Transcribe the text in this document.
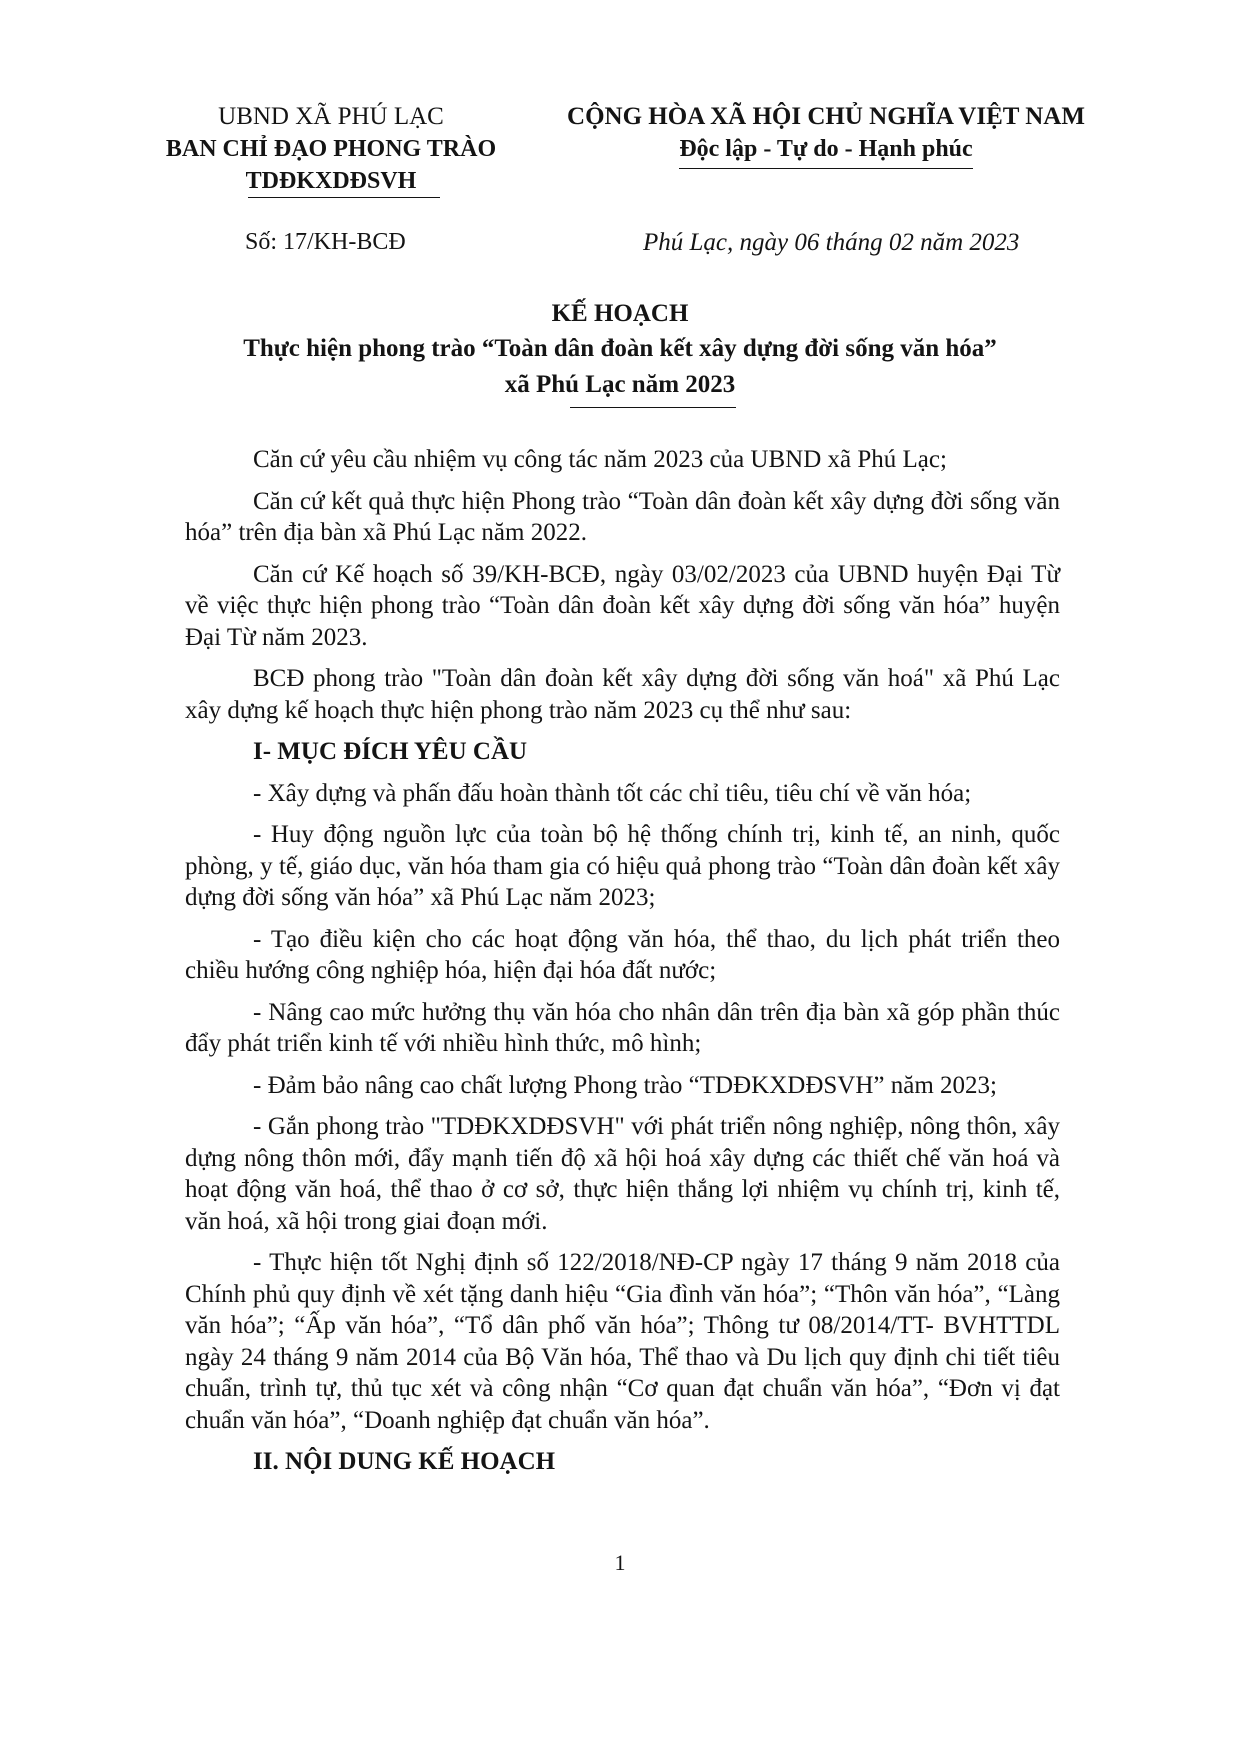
UBND XÃ PHÚ LẠC
BAN CHỈ ĐẠO PHONG TRÀO
TDĐKXDĐSVH
CỘNG HÒA XÃ HỘI CHỦ NGHĨA VIỆT NAM
Độc lập - Tự do - Hạnh phúc
Số: 17/KH-BCĐ	Phú Lạc, ngày 06 tháng 02 năm 2023
KẾ HOẠCH
Thực hiện phong trào “Toàn dân đoàn kết xây dựng đời sống văn hóa”
xã Phú Lạc năm 2023

Căn cứ yêu cầu nhiệm vụ công tác năm 2023 của UBND xã Phú Lạc;

Căn cứ kết quả thực hiện Phong trào “Toàn dân đoàn kết xây dựng đời sống văn hóa” trên địa bàn xã Phú Lạc năm 2022.

Căn cứ Kế hoạch số 39/KH-BCĐ, ngày 03/02/2023 của UBND huyện Đại Từ về việc thực hiện phong trào “Toàn dân đoàn kết xây dựng đời sống văn hóa” huyện Đại Từ năm 2023.

BCĐ phong trào "Toàn dân đoàn kết xây dựng đời sống văn hoá" xã Phú Lạc xây dựng kế hoạch thực hiện phong trào năm 2023 cụ thể như sau:

I- MỤC ĐÍCH YÊU CẦU

- Xây dựng và phấn đấu hoàn thành tốt các chỉ tiêu, tiêu chí về văn hóa;

- Huy động nguồn lực của toàn bộ hệ thống chính trị, kinh tế, an ninh, quốc phòng, y tế, giáo dục, văn hóa tham gia có hiệu quả phong trào “Toàn dân đoàn kết xây dựng đời sống văn hóa” xã Phú Lạc năm 2023;

- Tạo điều kiện cho các hoạt động văn hóa, thể thao, du lịch phát triển theo chiều hướng công nghiệp hóa, hiện đại hóa đất nước;

- Nâng cao mức hưởng thụ văn hóa cho nhân dân trên địa bàn xã góp phần thúc đẩy phát triển kinh tế với nhiều hình thức, mô hình;

- Đảm bảo nâng cao chất lượng Phong trào “TDĐKXDĐSVH” năm 2023;

- Gắn phong trào "TDĐKXDĐSVH" với phát triển nông nghiệp, nông thôn, xây dựng nông thôn mới, đẩy mạnh tiến độ xã hội hoá xây dựng các thiết chế văn hoá và hoạt động văn hoá, thể thao ở cơ sở, thực hiện thắng lợi nhiệm vụ chính trị, kinh tế, văn hoá, xã hội trong giai đoạn mới.

- Thực hiện tốt Nghị định số 122/2018/NĐ-CP ngày 17 tháng 9 năm 2018 của Chính phủ quy định về xét tặng danh hiệu “Gia đình văn hóa”; “Thôn văn hóa”, “Làng văn hóa”; “Ấp văn hóa”, “Tổ dân phố văn hóa”; Thông tư 08/2014/TT- BVHTTDL ngày 24 tháng 9 năm 2014 của Bộ Văn hóa, Thể thao và Du lịch quy định chi tiết tiêu chuẩn, trình tự, thủ tục xét và công nhận “Cơ quan đạt chuẩn văn hóa”, “Đơn vị đạt chuẩn văn hóa”, “Doanh nghiệp đạt chuẩn văn hóa”.

II. NỘI DUNG KẾ HOẠCH
1
